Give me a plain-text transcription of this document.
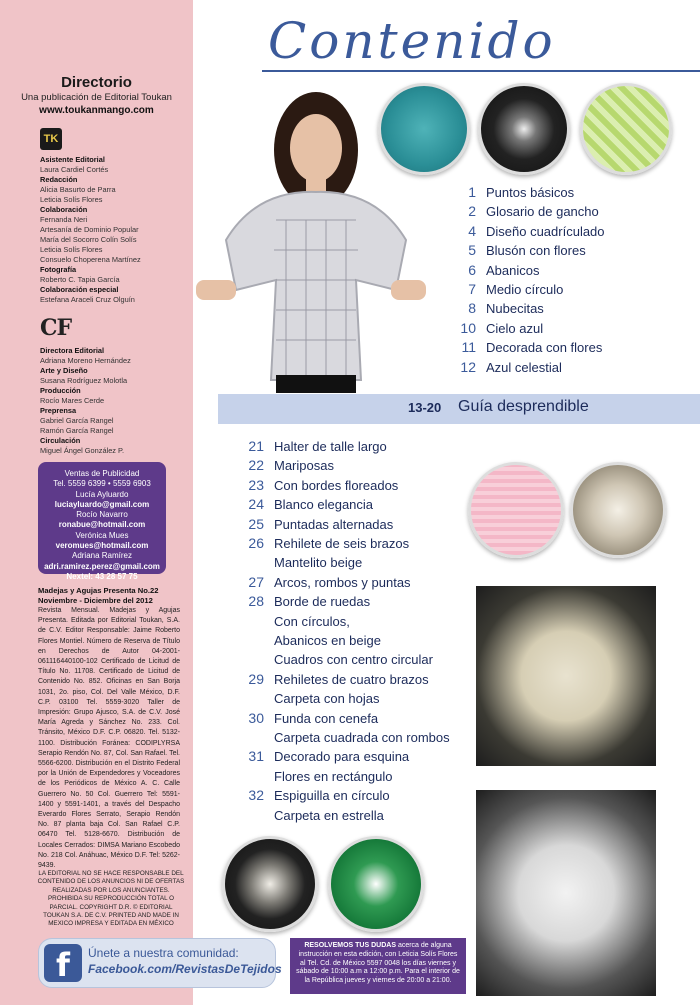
Directorio
Una publicación de Editorial Toukan
www.toukanmango.com
TK
Asistente Editorial
Laura Cardiel Cortés
Redacción
Alicia Basurto de Parra
Leticia Solís Flores
Colaboración
Fernanda Neri
Artesanía de Dominio Popular
María del Socorro Colín Solís
Leticia Solís Flores
Consuelo Choperena Martínez
Fotografía
Roberto C. Tapia García
Colaboración especial
Estefana Araceli Cruz Olguín
CF
Directora Editorial
Adriana Moreno Hernández
Arte y Diseño
Susana Rodríguez Molotla
Producción
Rocío Mares Cerde
Preprensa
Gabriel García Rangel
Ramón García Rangel
Circulación
Miguel Ángel González P.
Ventas de Publicidad
Tel. 5559 6399 • 5559 6903
Lucía Ayluardo
luciayluardo@gmail.com
Rocío Navarro
ronabue@hotmail.com
Verónica Mues
veromues@hotmail.com
Adriana Ramírez
adri.ramirez.perez@gmail.com
Nextel: 43 28 57 75
Madejas y Agujas Presenta No.22
Noviembre - Diciembre del 2012
Revista Mensual. Madejas y Agujas Presenta. Editada por Editorial Toukan, S.A. de C.V. Editor Responsable: Jaime Roberto Flores Montiel. Número de Reserva de Título en Derechos de Autor 04-2001-061116440100-102 Certificado de Licitud de Título No. 11708. Certificado de Licitud de Contenido No. 852. Oficinas en San Borja 1031, 2o. piso, Col. Del Valle México, D.F. C.P. 03100 Tel. 5559-3020 Taller de Impresión: Grupo Ajusco, S.A. de C.V. José María Agreda y Sánchez No. 233. Col. Tránsito, México D.F. C.P. 06820. Tel. 5132-1100. Distribución Foránea: CODIPLYRSA Serapio Rendón No. 87, Col. San Rafael. Tel. 5566-6200. Distribución en el Distrito Federal por la Unión de Expendedores y Voceadores de los Periódicos de México A. C. Calle Guerrero No. 50 Col. Guerrero Tel: 5591-1400 y 5591-1401, a través del Despacho Everardo Flores Serrato, Serapio Rendón No. 87 planta baja Col. San Rafael C.P. 06470 Tel. 5128-6670. Distribución de Locales Cerrados: DIMSA Mariano Escobedo No. 218 Col. Anáhuac, México D.F. Tel: 5262-9439.
LA EDITORIAL NO SE HACE RESPONSABLE DEL CONTENIDO DE LOS ANUNCIOS NI DE OFERTAS REALIZADAS POR LOS ANUNCIANTES. PROHIBIDA SU REPRODUCCIÓN TOTAL O PARCIAL. COPYRIGHT D.R. © EDITORIAL TOUKAN S.A. DE C.V. PRINTED AND MADE IN MEXICO IMPRESA Y EDITADA EN MÉXICO
f	Únete a nuestra comunidad:
Facebook.com/RevistasDeTejidos
RESOLVEMOS TUS DUDAS acerca de alguna instrucción en esta edición, con Leticia Solís Flores al Tel. Cd. de México 5597 0048 los días viernes y sábado de 10:00 a.m a 12:00 p.m. Para el interior de la República jueves y viernes de 20:00 a 21:00.
Contenido
1 Puntos básicos
2 Glosario de gancho
4 Diseño cuadrículado
5 Blusón con flores
6 Abanicos
7 Medio círculo
8 Nubecitas
10 Cielo azul
11 Decorada con flores
12 Azul celestial
13-20 Guía desprendible
21 Halter de talle largo
22 Mariposas
23 Con bordes floreados
24 Blanco elegancia
25 Puntadas alternadas
26 Rehilete de seis brazos
Mantelito beige
27 Arcos, rombos y puntas
28 Borde de ruedas
Con círculos,
Abanicos en beige
Cuadros con centro circular
29 Rehiletes de cuatro brazos
Carpeta con hojas
30 Funda con cenefa
Carpeta cuadrada con rombos
31 Decorado para esquina
Flores en rectángulo
32 Espiguilla en círculo
Carpeta en estrella
